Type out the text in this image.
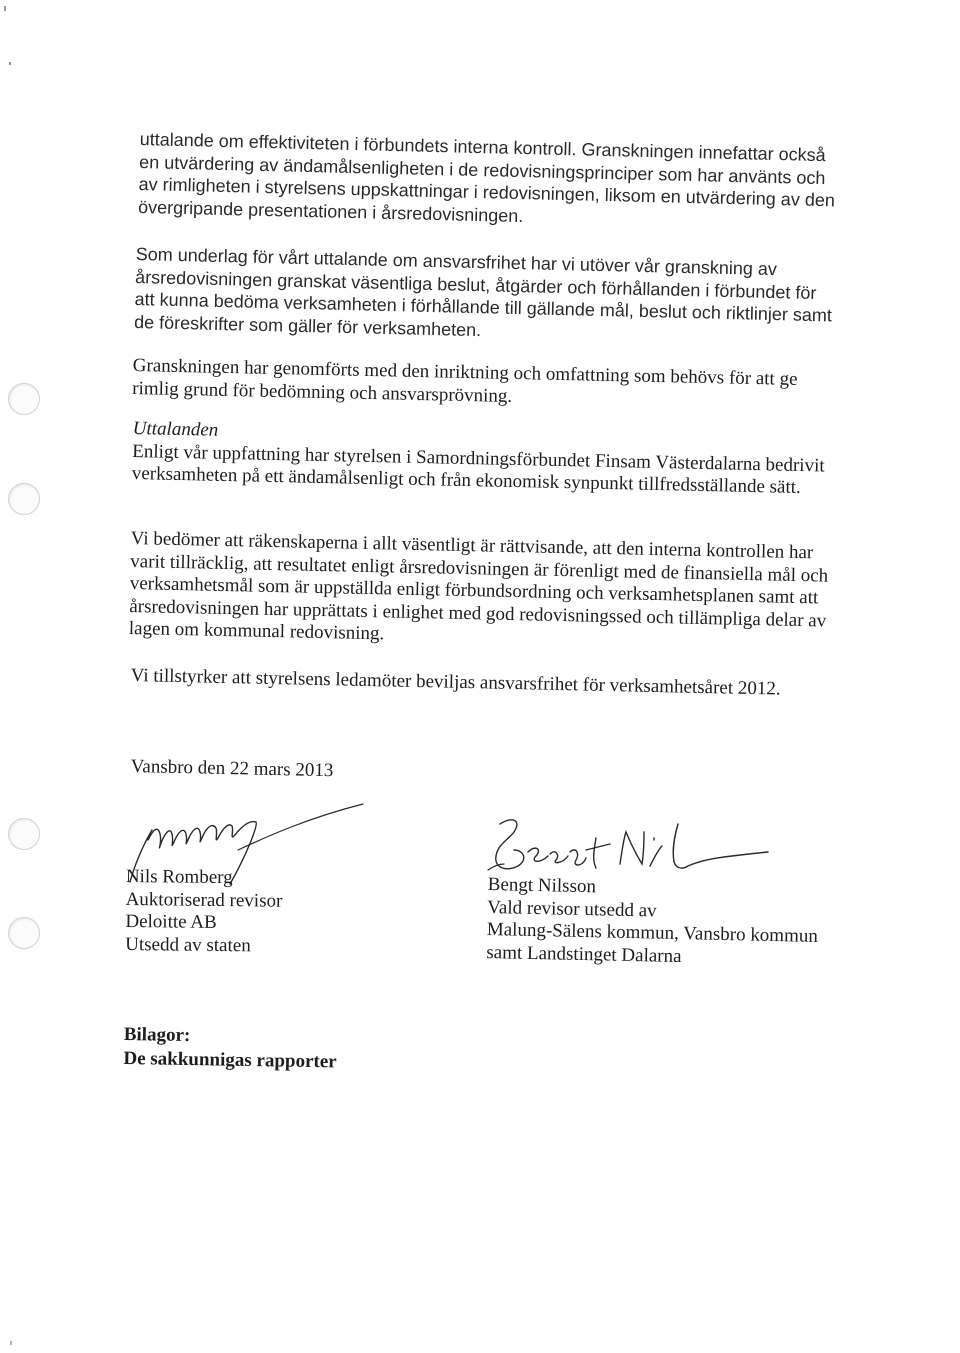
uttalande om effektiviteten i förbundets interna kontroll. Granskningen innefattar också en utvärdering av ändamålsenligheten i de redovisningsprinciper som har använts och av rimligheten i styrelsens uppskattningar i redovisningen, liksom en utvärdering av den övergripande presentationen i årsredovisningen.
Som underlag för vårt uttalande om ansvarsfrihet har vi utöver vår granskning av årsredovisningen granskat väsentliga beslut, åtgärder och förhållanden i förbundet för att kunna bedöma verksamheten i förhållande till gällande mål, beslut och riktlinjer samt de föreskrifter som gäller för verksamheten.
Granskningen har genomförts med den inriktning och omfattning som behövs för att ge rimlig grund för bedömning och ansvarsprövning.
Uttalanden
Enligt vår uppfattning har styrelsen i Samordningsförbundet Finsam Västerdalarna bedrivit verksamheten på ett ändamålsenligt och från ekonomisk synpunkt tillfredsställande sätt.
Vi bedömer att räkenskaperna i allt väsentligt är rättvisande, att den interna kontrollen har varit tillräcklig, att resultatet enligt årsredovisningen är förenligt med de finansiella mål och verksamhetsmål som är uppställda enligt förbundsordning och verksamhetsplanen samt att årsredovisningen har upprättats i enlighet med god redovisningssed och tillämpliga delar av lagen om kommunal redovisning.
Vi tillstyrker att styrelsens ledamöter beviljas ansvarsfrihet för verksamhetsåret 2012.
Vansbro den 22 mars 2013
Nils Romberg
Auktoriserad revisor
Deloitte AB
Utsedd av staten
Bengt Nilsson
Vald revisor utsedd av
Malung-Sälens kommun, Vansbro kommun
samt Landstinget Dalarna
Bilagor:
De sakkunnigas rapporter
